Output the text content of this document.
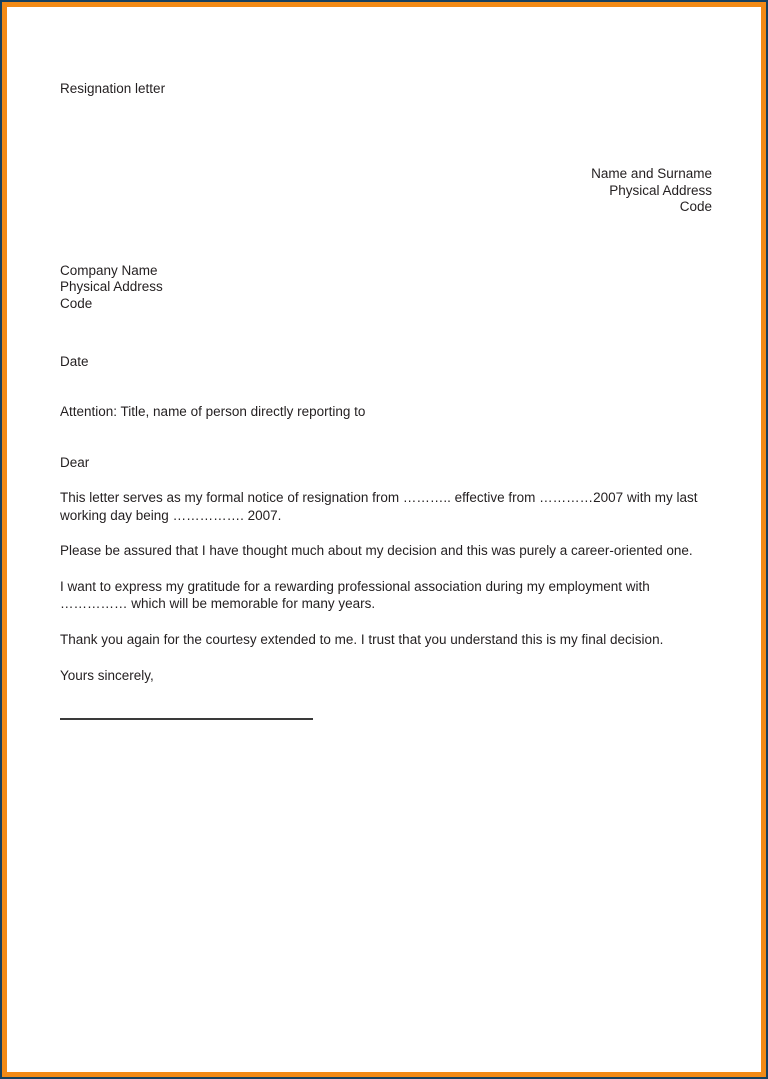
Resignation letter
Name and Surname
Physical Address
Code
Company Name
Physical Address
Code
Date
Attention: Title, name of person directly reporting to
Dear

This letter serves as my formal notice of resignation from ……….. effective from …………2007 with my last working day being ……………. 2007.

Please be assured that I have thought much about my decision and this was purely a career-oriented one.

I want to express my gratitude for a rewarding professional association during my employment with …………… which will be memorable for many years.

Thank you again for the courtesy extended to me. I trust that you understand this is my final decision.

Yours sincerely,
